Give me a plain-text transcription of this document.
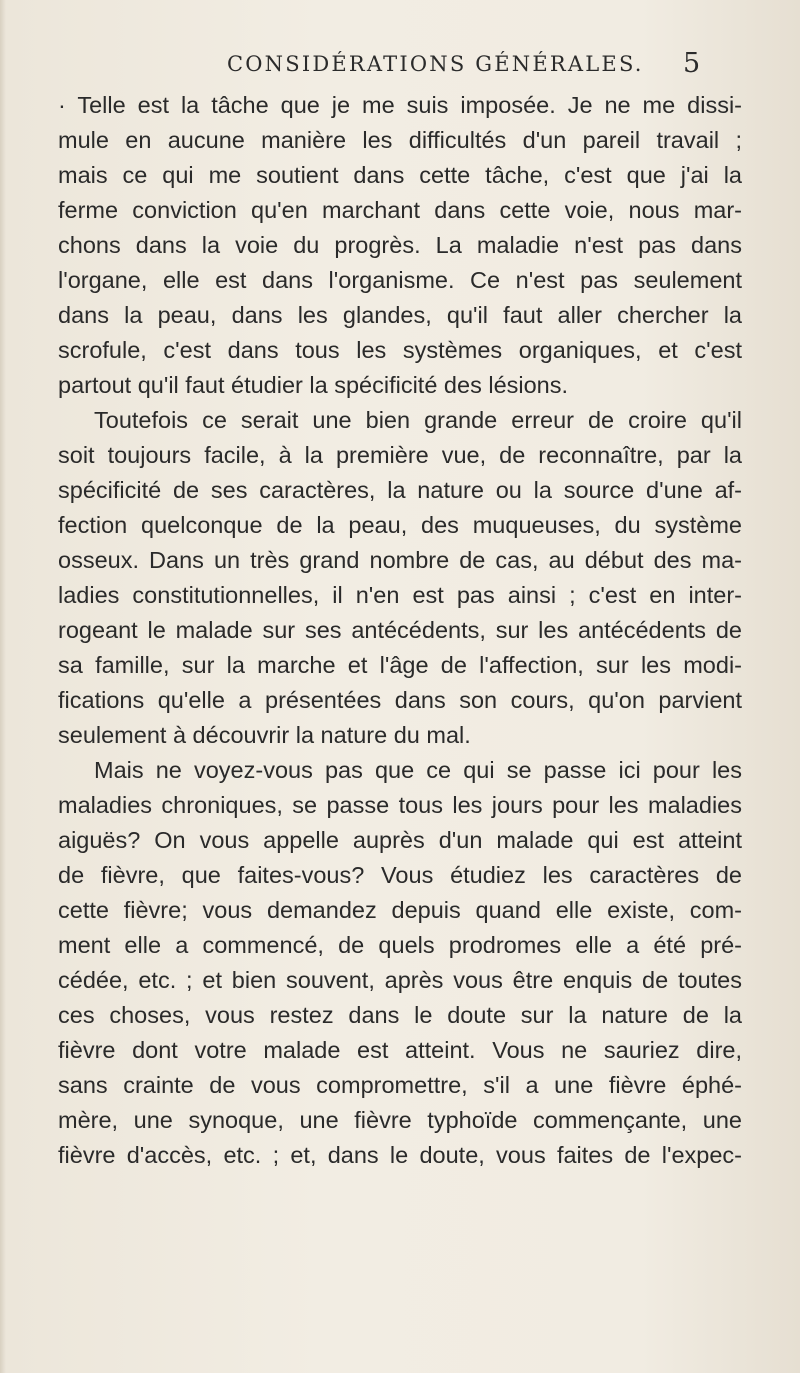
CONSIDÉRATIONS GÉNÉRALES. 5
· Telle est la tâche que je me suis imposée. Je ne me dissi-
mule en aucune manière les difficultés d'un pareil travail ;
mais ce qui me soutient dans cette tâche, c'est que j'ai la
ferme conviction qu'en marchant dans cette voie, nous mar-
chons dans la voie du progrès. La maladie n'est pas dans
l'organe, elle est dans l'organisme. Ce n'est pas seulement
dans la peau, dans les glandes, qu'il faut aller chercher la
scrofule, c'est dans tous les systèmes organiques, et c'est
partout qu'il faut étudier la spécificité des lésions.
Toutefois ce serait une bien grande erreur de croire qu'il
soit toujours facile, à la première vue, de reconnaître, par la
spécificité de ses caractères, la nature ou la source d'une af-
fection quelconque de la peau, des muqueuses, du système
osseux. Dans un très grand nombre de cas, au début des ma-
ladies constitutionnelles, il n'en est pas ainsi ; c'est en inter-
rogeant le malade sur ses antécédents, sur les antécédents de
sa famille, sur la marche et l'âge de l'affection, sur les modi-
fications qu'elle a présentées dans son cours, qu'on parvient
seulement à découvrir la nature du mal.
Mais ne voyez-vous pas que ce qui se passe ici pour les
maladies chroniques, se passe tous les jours pour les maladies
aiguës? On vous appelle auprès d'un malade qui est atteint
de fièvre, que faites-vous? Vous étudiez les caractères de
cette fièvre; vous demandez depuis quand elle existe, com-
ment elle a commencé, de quels prodromes elle a été pré-
cédée, etc. ; et bien souvent, après vous être enquis de toutes
ces choses, vous restez dans le doute sur la nature de la
fièvre dont votre malade est atteint. Vous ne sauriez dire,
sans crainte de vous compromettre, s'il a une fièvre éphé-
mère, une synoque, une fièvre typhoïde commençante, une
fièvre d'accès, etc. ; et, dans le doute, vous faites de l'expec-
